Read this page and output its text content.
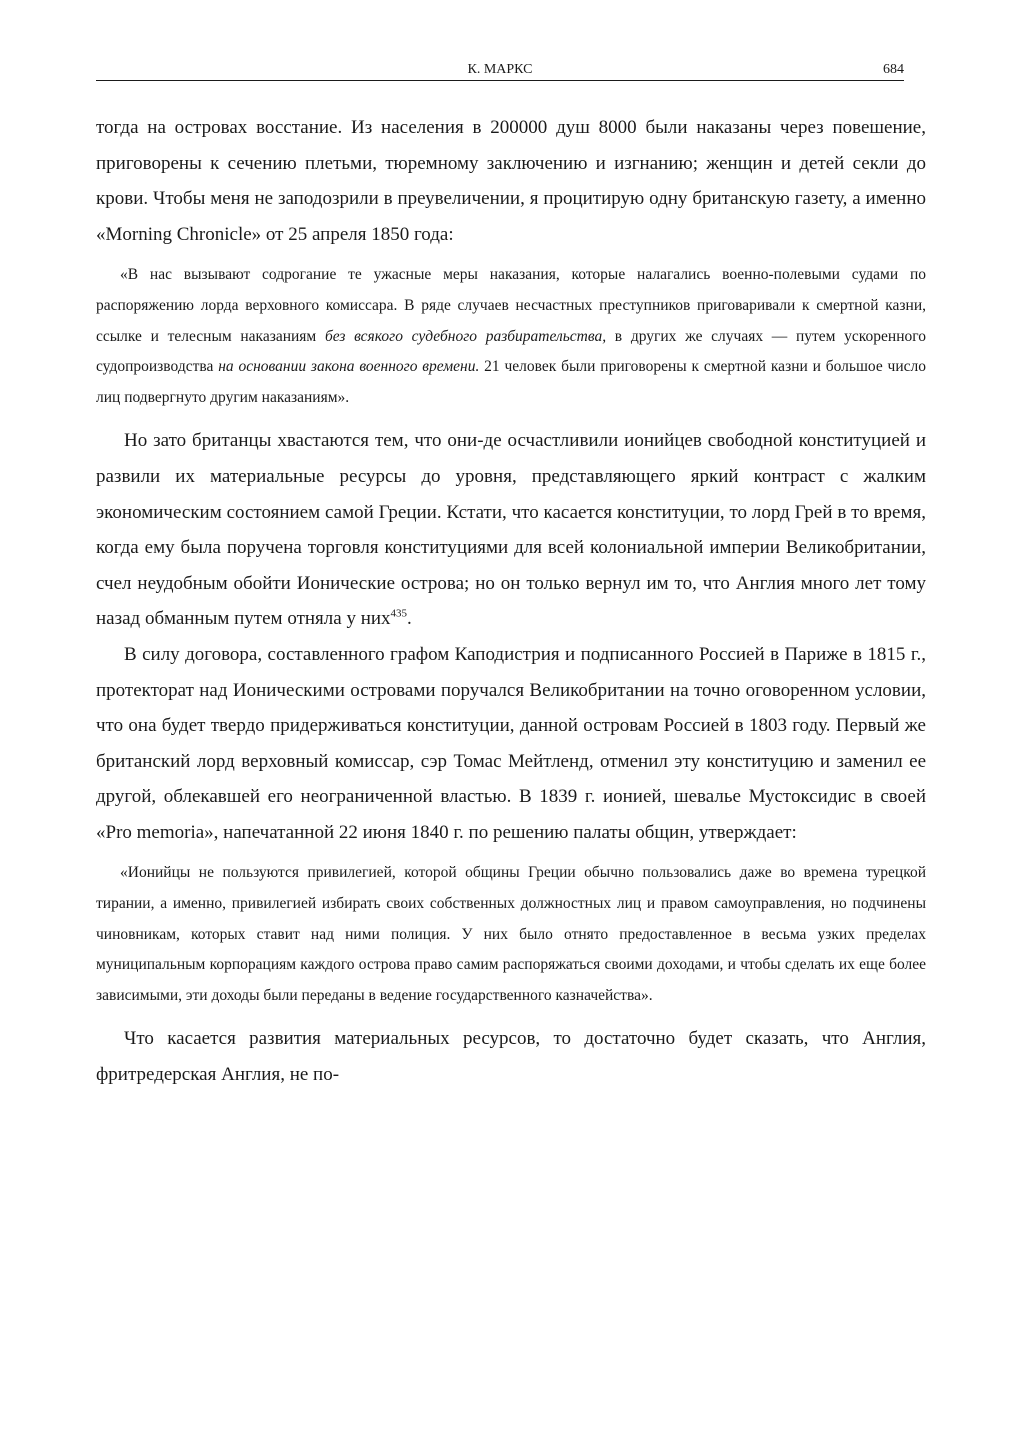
К. МАРКС	684

тогда на островах восстание. Из населения в 200000 душ 8000 были наказаны через повешение, приговорены к сечению плетьми, тюремному заключению и изгнанию; женщин и детей секли до крови. Чтобы меня не заподозрили в преувеличении, я процитирую одну британскую газету, а именно «Morning Chronicle» от 25 апреля 1850 года:

«В нас вызывают содрогание те ужасные меры наказания, которые налагались военно-полевыми судами по распоряжению лорда верховного комиссара. В ряде случаев несчастных преступников приговаривали к смертной казни, ссылке и телесным наказаниям без всякого судебного разбирательства, в других же случаях — путем ускоренного судопроизводства на основании закона военного времени. 21 человек были приговорены к смертной казни и большое число лиц подвергнуто другим наказаниям».

Но зато британцы хвастаются тем, что они-де осчастливили ионийцев свободной конституцией и развили их материальные ресурсы до уровня, представляющего яркий контраст с жалким экономическим состоянием самой Греции. Кстати, что касается конституции, то лорд Грей в то время, когда ему была поручена торговля конституциями для всей колониальной империи Великобритании, счел неудобным обойти Ионические острова; но он только вернул им то, что Англия много лет тому назад обманным путем отняла у них$^{435}$.

В силу договора, составленного графом Каподистрия и подписанного Россией в Париже в 1815 г., протекторат над Ионическими островами поручался Великобритании на точно оговоренном условии, что она будет твердо придерживаться конституции, данной островам Россией в 1803 году. Первый же британский лорд верховный комиссар, сэр Томас Мейтленд, отменил эту конституцию и заменил ее другой, облекавшей его неограниченной властью. В 1839 г. ионией, шевалье Мустоксидис в своей «Pro memoria», напечатанной 22 июня 1840 г. по решению палаты общин, утверждает:

«Ионийцы не пользуются привилегией, которой общины Греции обычно пользовались даже во времена турецкой тирании, а именно, привилегией избирать своих собственных должностных лиц и правом самоуправления, но подчинены чиновникам, которых ставит над ними полиция. У них было отнято предоставленное в весьма узких пределах муниципальным корпорациям каждого острова право самим распоряжаться своими доходами, и чтобы сделать их еще более зависимыми, эти доходы были переданы в ведение государственного казначейства».

Что касается развития материальных ресурсов, то достаточно будет сказать, что Англия, фритредерская Англия, не по-
